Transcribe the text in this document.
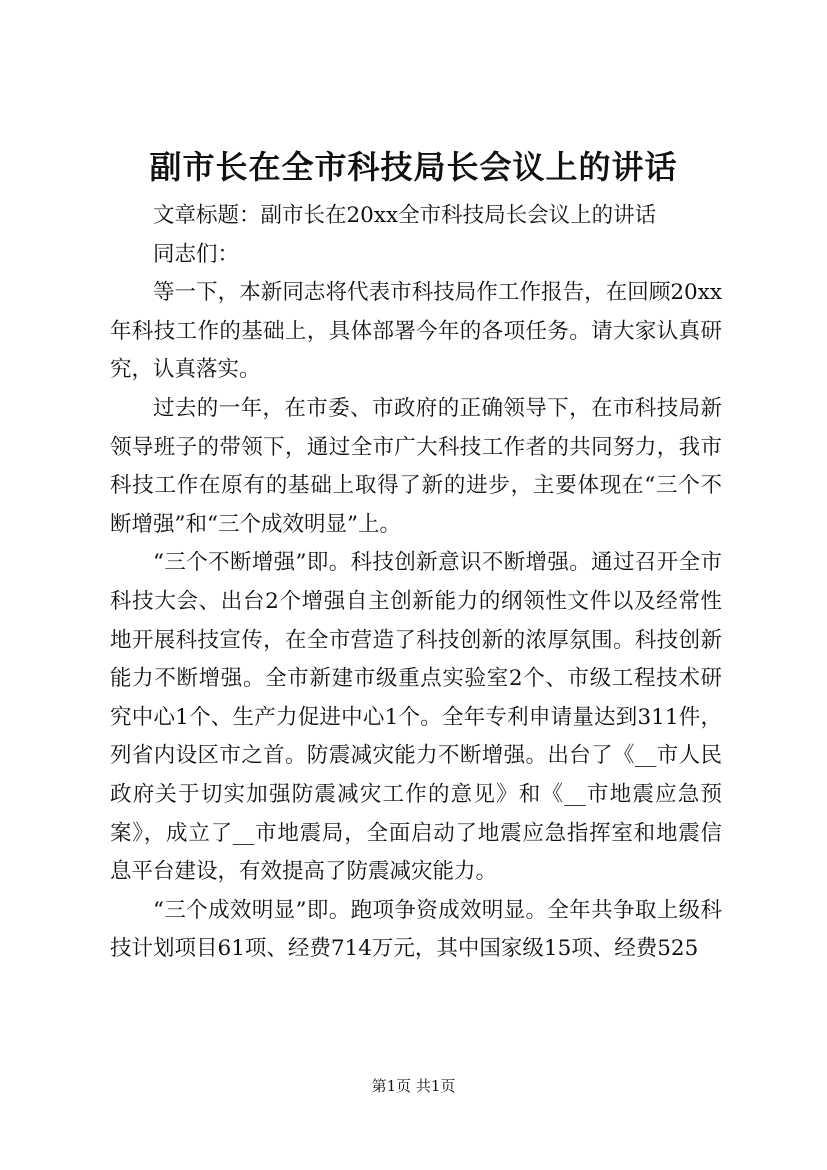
副市长在全市科技局长会议上的讲话

文章标题：副市长在20xx全市科技局长会议上的讲话

同志们：

等一下，本新同志将代表市科技局作工作报告，在回顾20xx年科技工作的基础上，具体部署今年的各项任务。请大家认真研究，认真落实。

过去的一年，在市委、市政府的正确领导下，在市科技局新领导班子的带领下，通过全市广大科技工作者的共同努力，我市科技工作在原有的基础上取得了新的进步，主要体现在“三个不断增强”和“三个成效明显”上。

“三个不断增强”即。科技创新意识不断增强。通过召开全市科技大会、出台2个增强自主创新能力的纲领性文件以及经常性地开展科技宣传，在全市营造了科技创新的浓厚氛围。科技创新能力不断增强。全市新建市级重点实验室2个、市级工程技术研究中心1个、生产力促进中心1个。全年专利申请量达到311件，列省内设区市之首。防震减灾能力不断增强。出台了《__市人民政府关于切实加强防震减灾工作的意见》和《__市地震应急预案》，成立了__市地震局，全面启动了地震应急指挥室和地震信息平台建设，有效提高了防震减灾能力。

“三个成效明显”即。跑项争资成效明显。全年共争取上级科技计划项目61项、经费714万元，其中国家级15项、经费525

第1页 共1页
